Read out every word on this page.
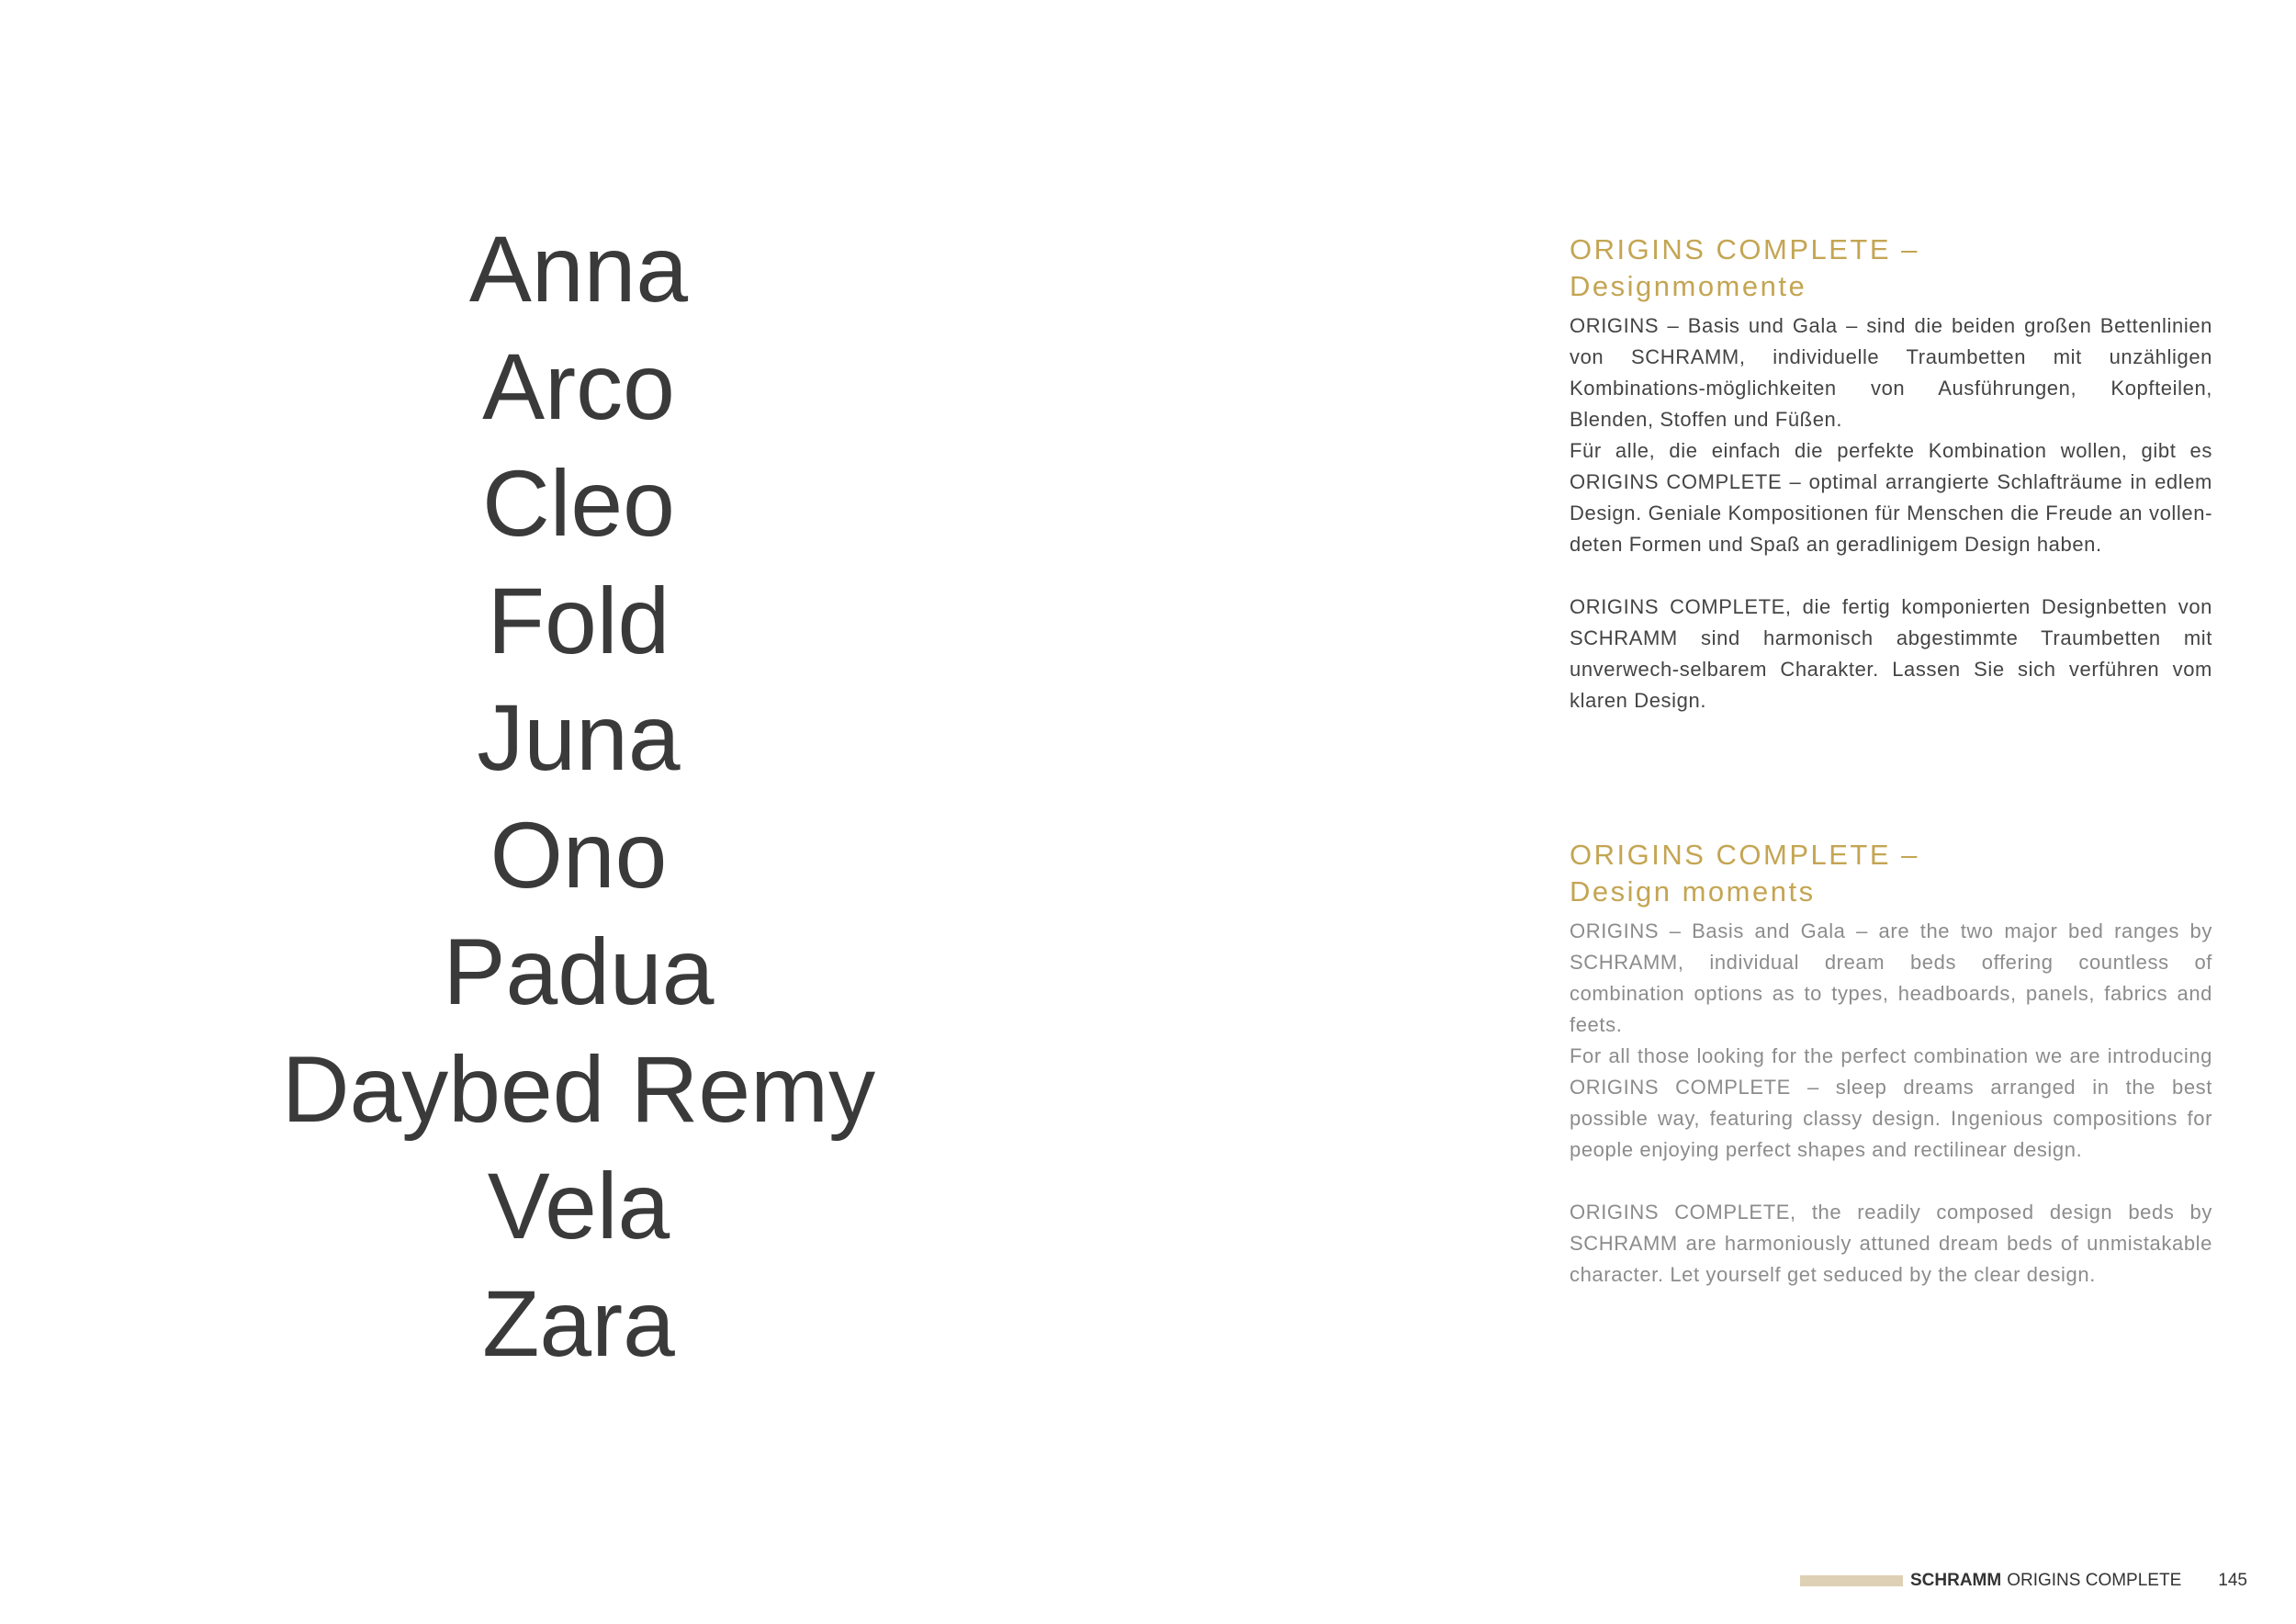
Anna
Arco
Cleo
Fold
Juna
Ono
Padua
Daybed Remy
Vela
Zara
ORIGINS COMPLETE –
Designmomente

ORIGINS – Basis und Gala – sind die beiden großen Bettenlinien von SCHRAMM, individuelle Traumbetten mit unzähligen Kombinations-möglichkeiten von Ausführungen, Kopfteilen, Blenden, Stoffen und Füßen.

Für alle, die einfach die perfekte Kombination wollen, gibt es ORIGINS COMPLETE – optimal arrangierte Schlafträume in edlem Design. Geniale Kompositionen für Menschen die Freude an vollen-deten Formen und Spaß an geradlinigem Design haben.

ORIGINS COMPLETE, die fertig komponierten Designbetten von SCHRAMM sind harmonisch abgestimmte Traumbetten mit unverwech-selbarem Charakter. Lassen Sie sich verführen vom klaren Design.

ORIGINS COMPLETE –
Design moments

ORIGINS – Basis and Gala – are the two major bed ranges by SCHRAMM, individual dream beds offering countless of combination options as to types, headboards, panels, fabrics and feets.

For all those looking for the perfect combination we are introducing ORIGINS COMPLETE – sleep dreams arranged in the best possible way, featuring classy design. Ingenious compositions for people enjoying perfect shapes and rectilinear design.

ORIGINS COMPLETE, the readily composed design beds by SCHRAMM are harmoniously attuned dream beds of unmistakable character. Let yourself get seduced by the clear design.

SCHRAMM ORIGINS COMPLETE 145
